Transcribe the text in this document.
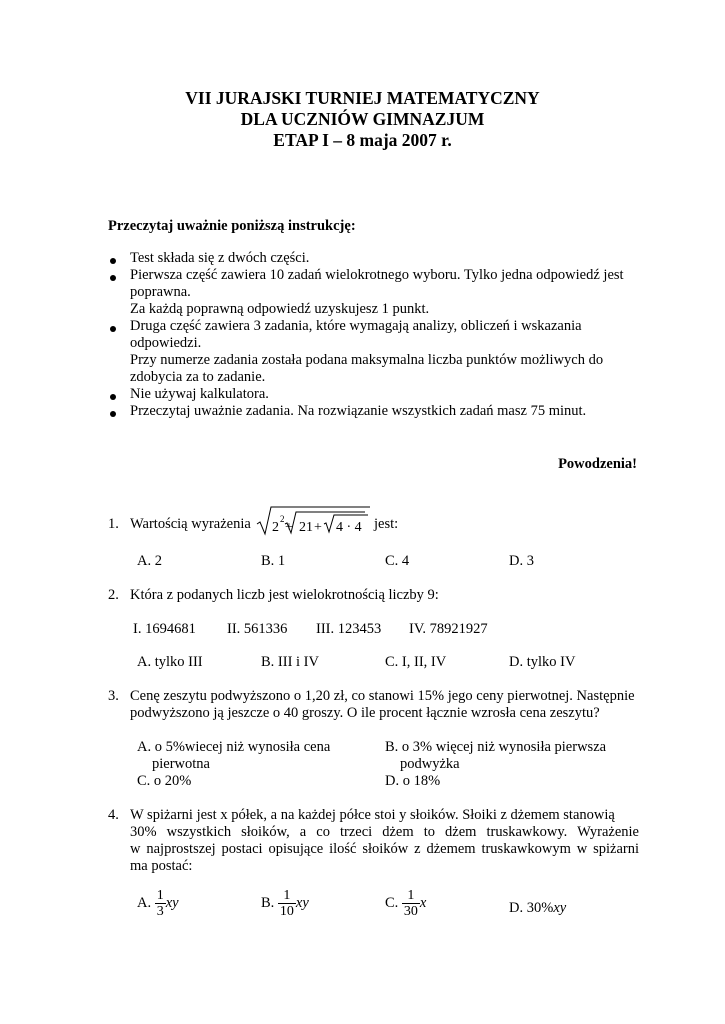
VII JURAJSKI TURNIEJ MATEMATYCZNY
DLA UCZNIÓW GIMNAZJUM
ETAP I – 8 maja 2007 r.
Przeczytaj uważnie poniższą instrukcję:
Test składa się z dwóch części.
Pierwsza część zawiera 10 zadań wielokrotnego wyboru. Tylko jedna odpowiedź jest
poprawna.
Za każdą poprawną odpowiedź uzyskujesz 1 punkt.
Druga część zawiera 3 zadania, które wymagają analizy, obliczeń i wskazania
odpowiedzi.
Przy numerze zadania została podana maksymalna liczba punktów możliwych do
zdobycia za to zadanie.
Nie używaj kalkulatora.
Przeczytaj uważnie zadania. Na rozwiązanie wszystkich zadań masz 75 minut.
Powodzenia!
1. Wartością wyrażenia 2
2
+ 21 + 4 · 4 jest:
A. 2	B. 1	C. 4	D. 3
2. Która z podanych liczb jest wielokrotnością liczby 9:
I. 1694681 II. 561336 III. 123453 IV. 78921927
A. tylko III	B. III i IV	C. I, II, IV	D. tylko IV
3. Cenę zeszytu podwyższono o 1,20 zł, co stanowi 15% jego ceny pierwotnej. Następnie
podwyższono ją jeszcze o 40 groszy. O ile procent łącznie wzrosła cena zeszytu?
A. o 5%wiecej niż wynosiła cena
pierwotna
B. o 3% więcej niż wynosiła pierwsza
podwyżka
C. o 20%	D. o 18%
4. W spiżarni jest x półek, a na każdej półce stoi y słoików. Słoiki z dżemem stanowią
30% wszystkich słoików, a co trzeci dżem to dżem truskawkowy. Wyrażenie
w najprostszej postaci opisujące ilość słoików z dżemem truskawkowym w spiżarni
ma postać:
A. $\frac{1}{3}$ xy	B. $\frac{1}{10}$ xy	C. $\frac{1}{30}$ x	D. 30%xy
